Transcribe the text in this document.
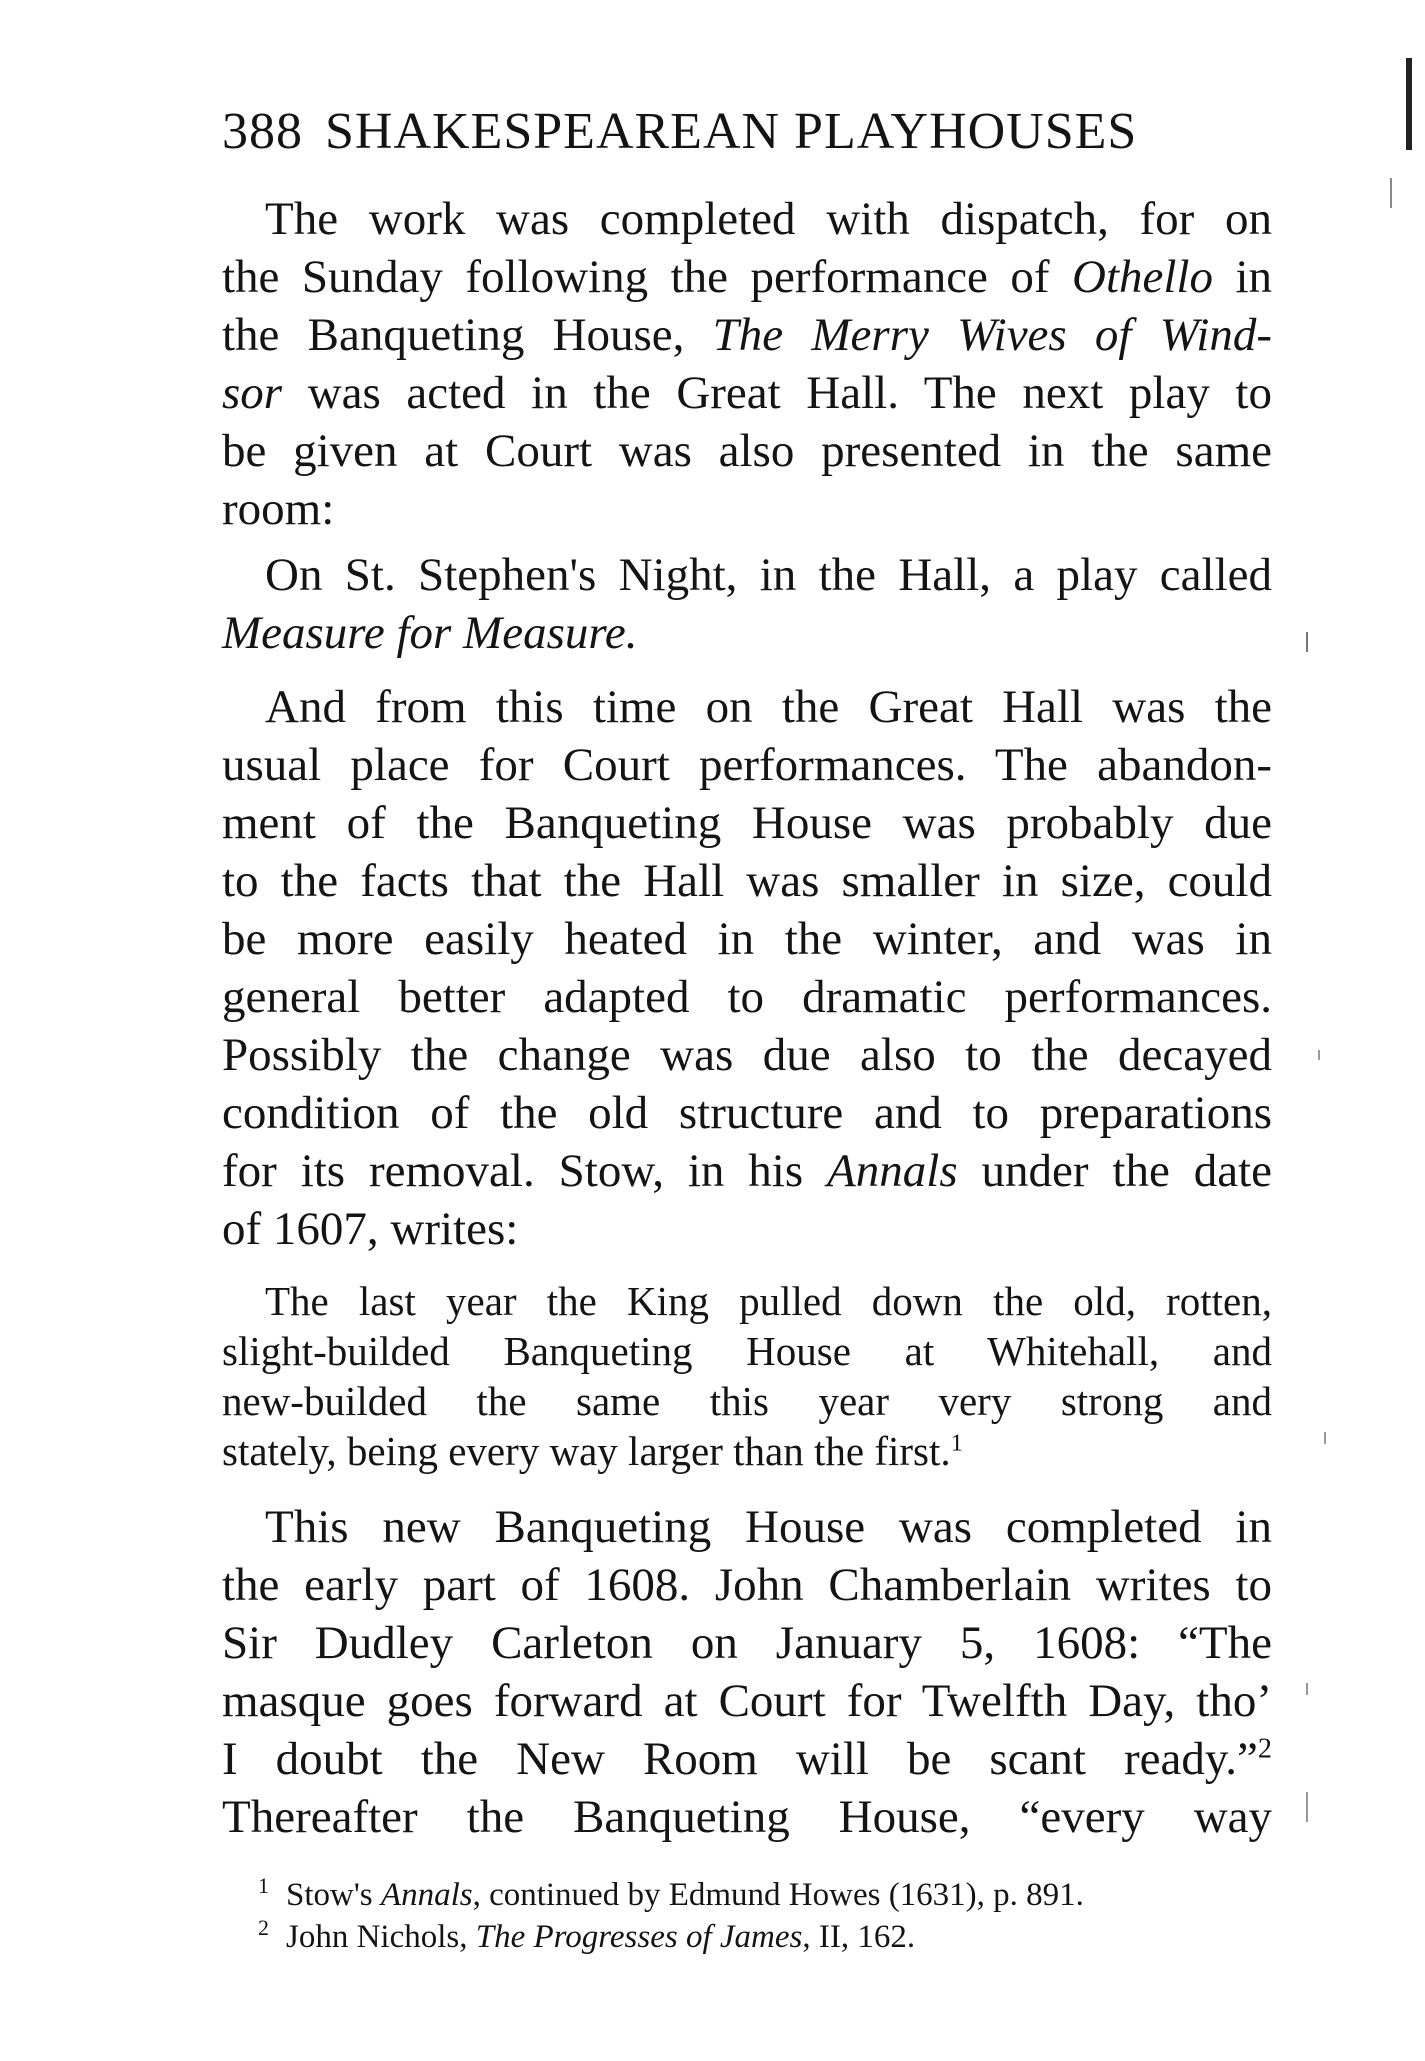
388 SHAKESPEAREAN PLAYHOUSES
The work was completed with dispatch, for on
the Sunday following the performance of Othello in
the Banqueting House, The Merry Wives of Wind-
sor was acted in the Great Hall. The next play to
be given at Court was also presented in the same
room:
On St. Stephen's Night, in the Hall, a play called
Measure for Measure.
And from this time on the Great Hall was the
usual place for Court performances. The abandon-
ment of the Banqueting House was probably due
to the facts that the Hall was smaller in size, could
be more easily heated in the winter, and was in
general better adapted to dramatic performances.
Possibly the change was due also to the decayed
condition of the old structure and to preparations
for its removal. Stow, in his Annals under the date
of 1607, writes:
The last year the King pulled down the old, rotten,
slight-builded Banqueting House at Whitehall, and
new-builded the same this year very strong and
stately, being every way larger than the first.$^1$
This new Banqueting House was completed in
the early part of 1608. John Chamberlain writes to
Sir Dudley Carleton on January 5, 1608: “The
masque goes forward at Court for Twelfth Day, tho’
I doubt the New Room will be scant ready.”$^2$
Thereafter the Banqueting House, “every way
1 Stow's Annals, continued by Edmund Howes (1631), p. 891.
2 John Nichols, The Progresses of James, II, 162.
